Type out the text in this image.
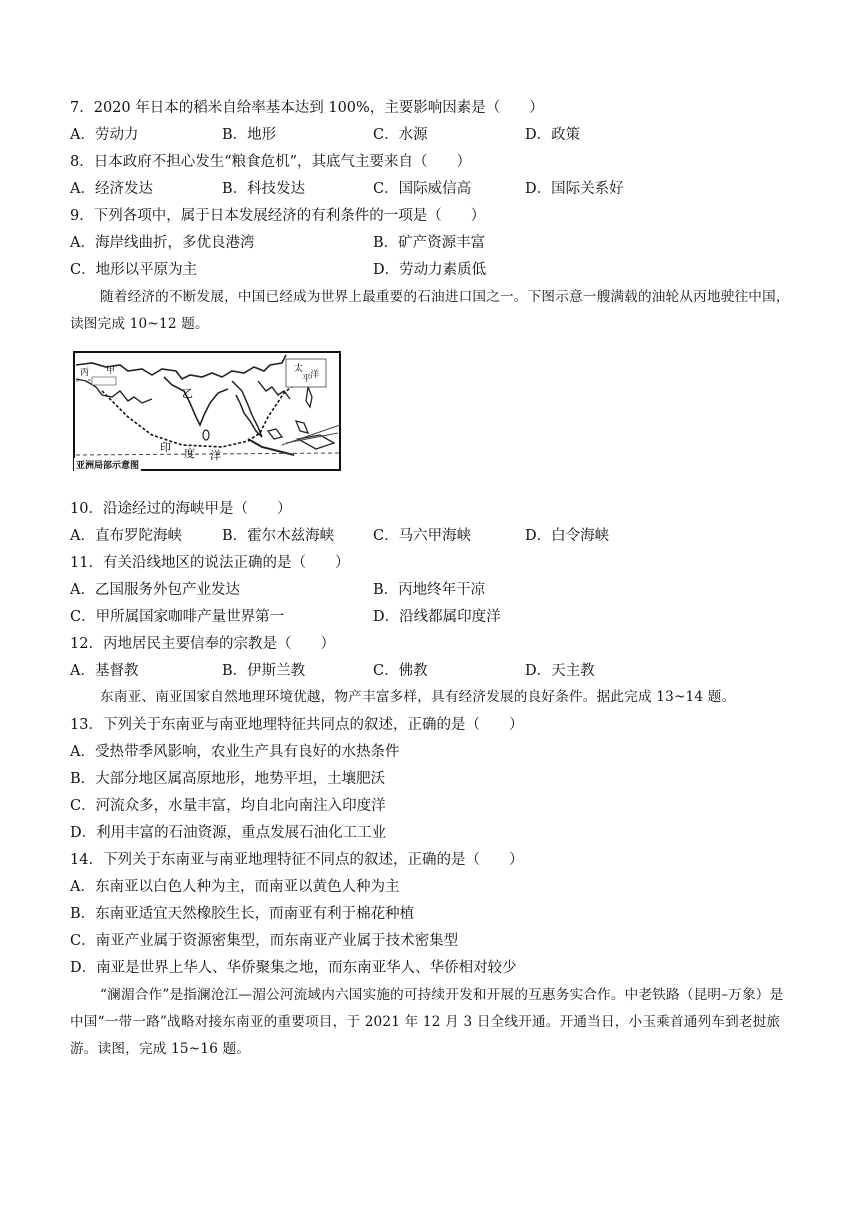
7．2020 年日本的稻米自给率基本达到 100%，主要影响因素是（　　）
A．劳动力	B．地形	C．水源	D．政策
8．日本政府不担心发生“粮食危机”，其底气主要来自（　　）
A．经济发达	B．科技发达	C．国际威信高	D．国际关系好
9．下列各项中，属于日本发展经济的有利条件的一项是（　　）
A．海岸线曲折，多优良港湾	B．矿产资源丰富
C．地形以平原为主	D．劳动力素质低
随着经济的不断发展，中国已经成为世界上最重要的石油进口国之一。下图示意一艘满载的油轮从丙地驶往中国，读图完成 10~12 题。
丙 甲
乙
印 度 洋
太
平
洋
亚洲局部示意图
10．沿途经过的海峡甲是（　　）
A．直布罗陀海峡	B．霍尔木兹海峡	C．马六甲海峡	D．白令海峡
11．有关沿线地区的说法正确的是（　　）
A．乙国服务外包产业发达	B．丙地终年干凉
C．甲所属国家咖啡产量世界第一	D．沿线都属印度洋
12．丙地居民主要信奉的宗教是（　　）
A．基督教	B．伊斯兰教	C．佛教	D．天主教
东南亚、南亚国家自然地理环境优越，物产丰富多样，具有经济发展的良好条件。据此完成 13~14 题。
13．下列关于东南亚与南亚地理特征共同点的叙述，正确的是（　　）
A．受热带季风影响，农业生产具有良好的水热条件
B．大部分地区属高原地形，地势平坦，土壤肥沃
C．河流众多，水量丰富，均自北向南注入印度洋
D．利用丰富的石油资源，重点发展石油化工工业
14．下列关于东南亚与南亚地理特征不同点的叙述，正确的是（　　）
A．东南亚以白色人种为主，而南亚以黄色人种为主
B．东南亚适宜天然橡胶生长，而南亚有利于棉花种植
C．南亚产业属于资源密集型，而东南亚产业属于技术密集型
D．南亚是世界上华人、华侨聚集之地，而东南亚华人、华侨相对较少
“澜湄合作”是指澜沧江—湄公河流域内六国实施的可持续开发和开展的互惠务实合作。中老铁路（昆明–万象）是中国“一带一路”战略对接东南亚的重要项目，于 2021 年 12 月 3 日全线开通。开通当日，小玉乘首通列车到老挝旅游。读图，完成 15~16 题。
